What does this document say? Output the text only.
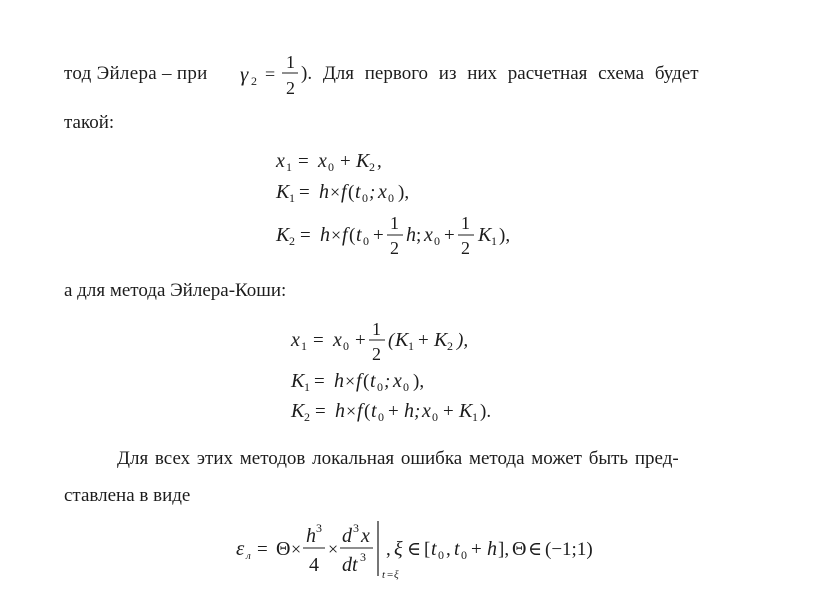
тод Эйлера – при γ 2 =
1
2
). Для первого из них расчетная схема будет
такой:
x 1 = x 0 + K 2 ,
K 1 = h × f ( t 0 ; x 0 ),
K 2 = h × f ( t 0 +
1
2
h ; x 0 +
1
2
K 1 ),
а для метода Эйлера-Коши:
x 1 = x 0 +
1
2
( K 1 + K 2 ),
K 1 = h × f ( t 0 ; x 0 ),
K 2 = h × f ( t 0 + h ; x 0 + K 1 ).
Для всех этих методов локальная ошибка метода может быть пред-
ставлена в виде
ε л = Θ ×
h 3
4
×
d 3 x
dt 3
t = ξ
, ξ ∈ [ t 0 , t 0 + h ], Θ ∈ (−1;1)
